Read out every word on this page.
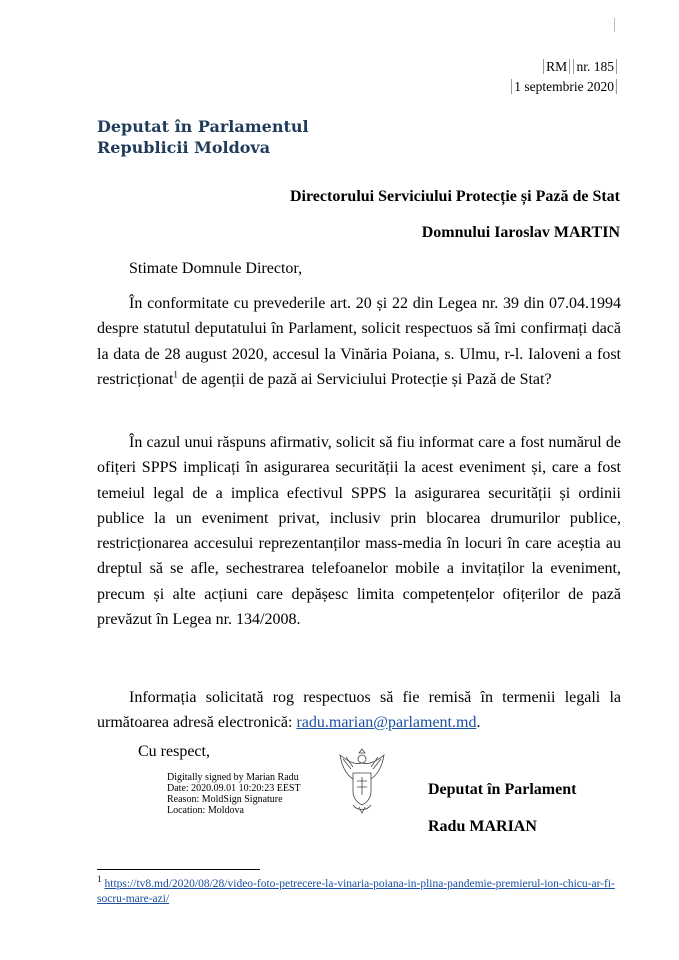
RM nr. 185
1 septembrie 2020
Deputat în Parlamentul
Republicii Moldova
Directorului Serviciului Protecție și Pază de Stat
Domnului Iaroslav MARTIN
Stimate Domnule Director,
În conformitate cu prevederile art. 20 și 22 din Legea nr. 39 din 07.04.1994 despre statutul deputatului în Parlament, solicit respectuos să îmi confirmați dacă la data de 28 august 2020, accesul la Vinăria Poiana, s. Ulmu, r-l. Ialoveni a fost restricționat$^1$ de agenții de pază ai Serviciului Protecție și Pază de Stat?
În cazul unui răspuns afirmativ, solicit să fiu informat care a fost numărul de ofițeri SPPS implicați în asigurarea securității la acest eveniment și, care a fost temeiul legal de a implica efectivul SPPS la asigurarea securității și ordinii publice la un eveniment privat, inclusiv prin blocarea drumurilor publice, restricționarea accesului reprezentanților mass-media în locuri în care aceștia au dreptul să se afle, sechestrarea telefoanelor mobile a invitaților la eveniment, precum și alte acțiuni care depășesc limita competențelor ofițerilor de pază prevăzut în Legea nr. 134/2008.
Informația solicitată rog respectuos să fie remisă în termenii legali la următoarea adresă electronică: radu.marian@parlament.md.
Cu respect,
Digitally signed by Marian Radu
Date: 2020.09.01 10:20:23 EEST
Reason: MoldSign Signature
Location: Moldova
Deputat în Parlament
Radu MARIAN
$^1$ https://tv8.md/2020/08/28/video-foto-petrecere-la-vinaria-poiana-in-plina-pandemie-premierul-ion-chicu-ar-fi-socru-mare-azi/
